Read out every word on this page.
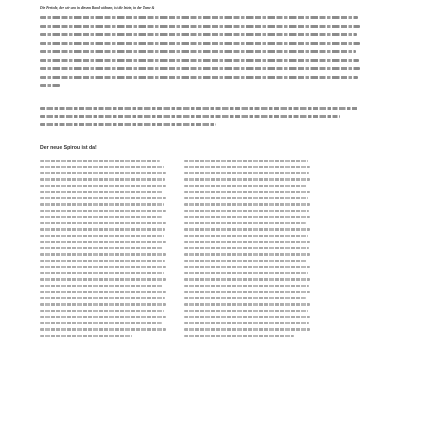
Die Periode, der wir uns in diesem Band widmen, ist die letzte, in der Tome &
Der neue Spirou ist da!
